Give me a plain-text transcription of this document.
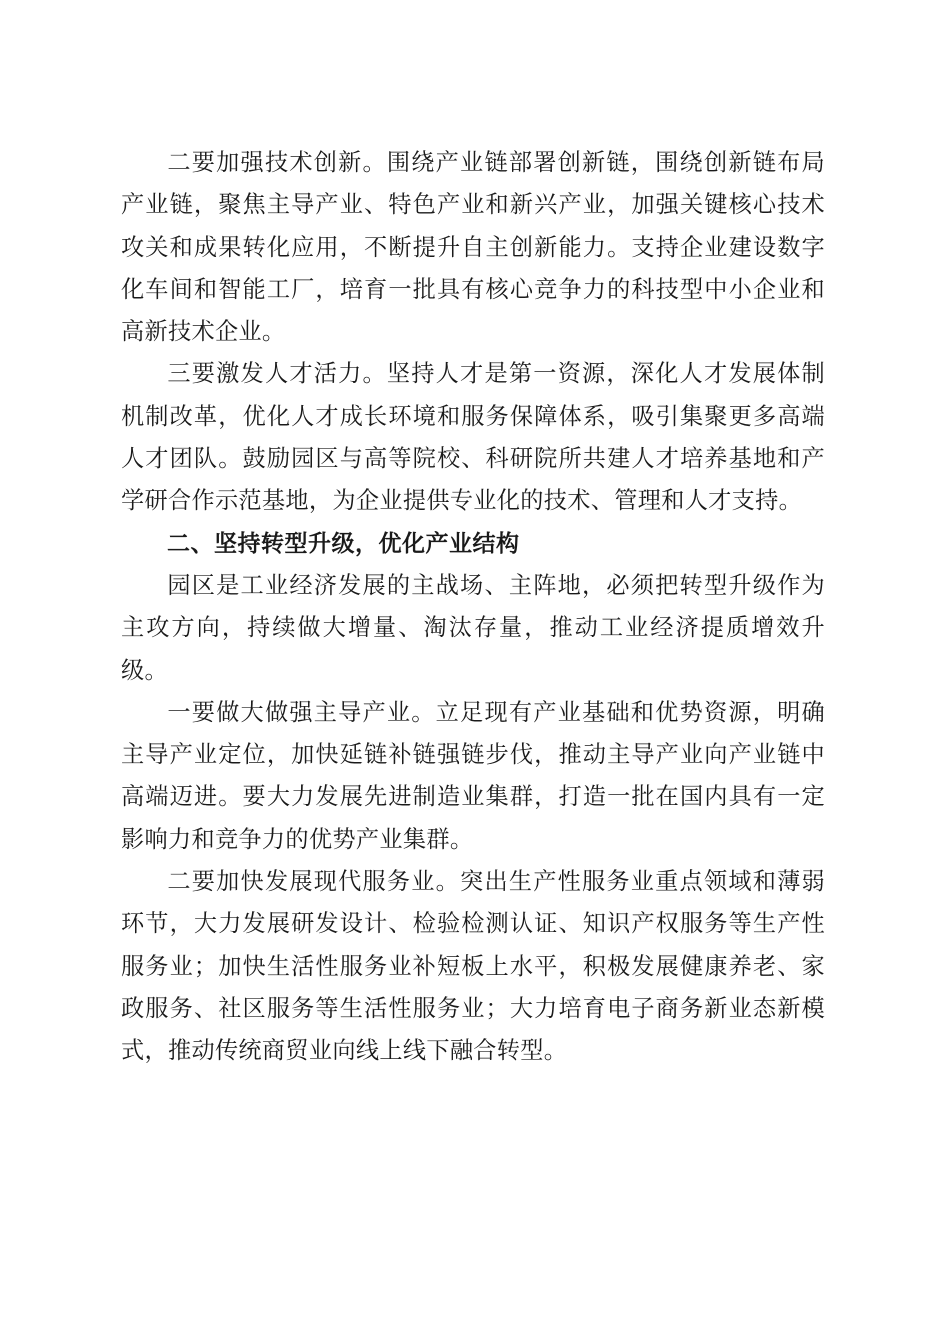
二要加强技术创新。围绕产业链部署创新链，围绕创新链布局产业链，聚焦主导产业、特色产业和新兴产业，加强关键核心技术攻关和成果转化应用，不断提升自主创新能力。支持企业建设数字化车间和智能工厂，培育一批具有核心竞争力的科技型中小企业和高新技术企业。

三要激发人才活力。坚持人才是第一资源，深化人才发展体制机制改革，优化人才成长环境和服务保障体系，吸引集聚更多高端人才团队。鼓励园区与高等院校、科研院所共建人才培养基地和产学研合作示范基地，为企业提供专业化的技术、管理和人才支持。

二、坚持转型升级，优化产业结构

园区是工业经济发展的主战场、主阵地，必须把转型升级作为主攻方向，持续做大增量、淘汰存量，推动工业经济提质增效升级。

一要做大做强主导产业。立足现有产业基础和优势资源，明确主导产业定位，加快延链补链强链步伐，推动主导产业向产业链中高端迈进。要大力发展先进制造业集群，打造一批在国内具有一定影响力和竞争力的优势产业集群。

二要加快发展现代服务业。突出生产性服务业重点领域和薄弱环节，大力发展研发设计、检验检测认证、知识产权服务等生产性服务业；加快生活性服务业补短板上水平，积极发展健康养老、家政服务、社区服务等生活性服务业；大力培育电子商务新业态新模式，推动传统商贸业向线上线下融合转型。
